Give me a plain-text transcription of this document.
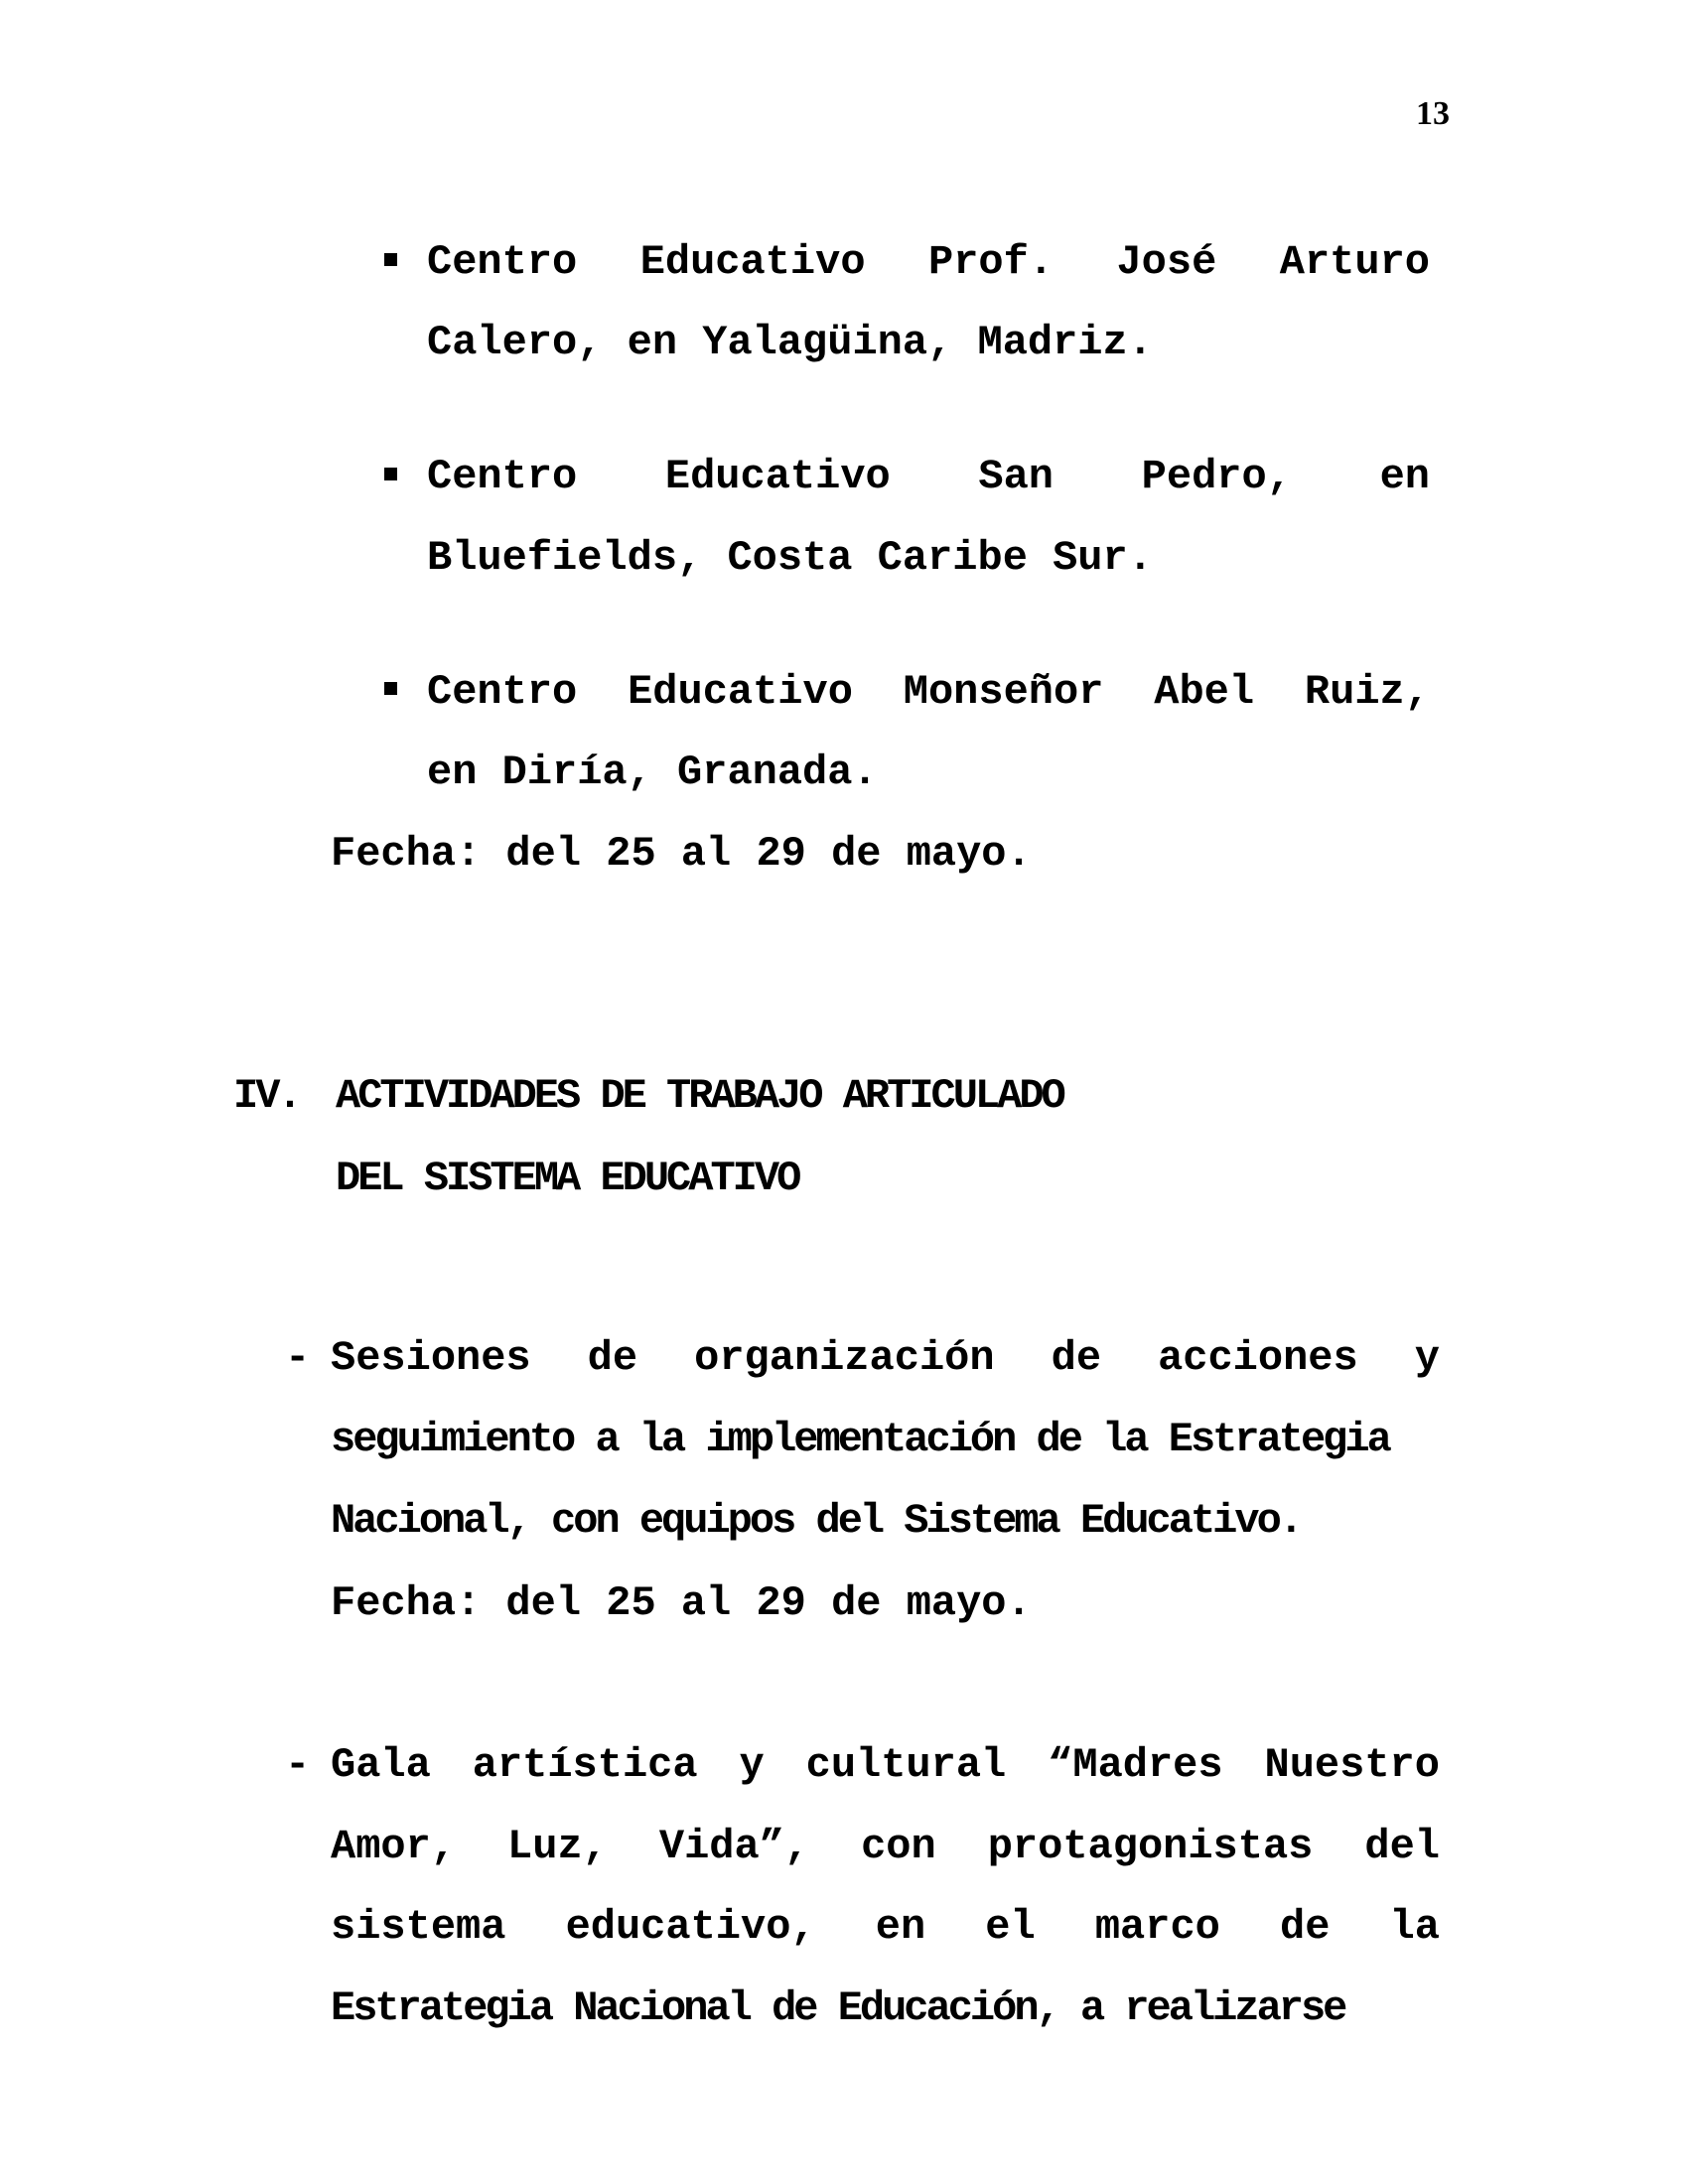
13
Centro Educativo Prof. José Arturo
Calero, en Yalagüina, Madriz.
Centro Educativo San Pedro, en
Bluefields, Costa Caribe Sur.
Centro Educativo Monseñor Abel Ruiz,
en Diría, Granada.
Fecha: del 25 al 29 de mayo.
IV. ACTIVIDADES DE TRABAJO ARTICULADO
DEL SISTEMA EDUCATIVO
- Sesiones de organización de acciones y
seguimiento a la implementación de la Estrategia
Nacional, con equipos del Sistema Educativo.
Fecha: del 25 al 29 de mayo.
- Gala artística y cultural “Madres Nuestro
Amor, Luz, Vida”, con protagonistas del
sistema educativo, en el marco de la
Estrategia Nacional de Educación, a realizarse
